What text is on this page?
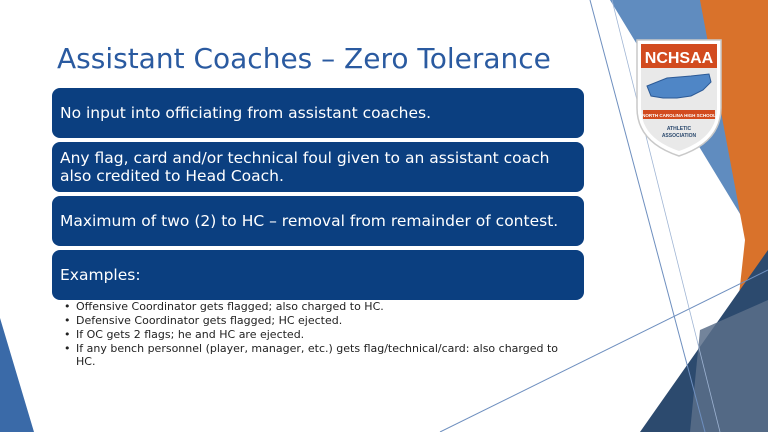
Assistant Coaches – Zero Tolerance
No input into officiating from assistant coaches.
Any flag, card and/or technical foul given to an assistant coach also credited to Head Coach.
Maximum of two (2) to HC – removal from remainder of contest.
Examples:
• Offensive Coordinator gets flagged; also charged to HC.
• Defensive Coordinator gets flagged; HC ejected.
• If OC gets 2 flags; he and HC are ejected.
• If any bench personnel (player, manager, etc.) gets flag/technical/card: also charged to HC.
NCHSAA
NORTH CAROLINA HIGH SCHOOL
ATHLETIC
ASSOCIATION
